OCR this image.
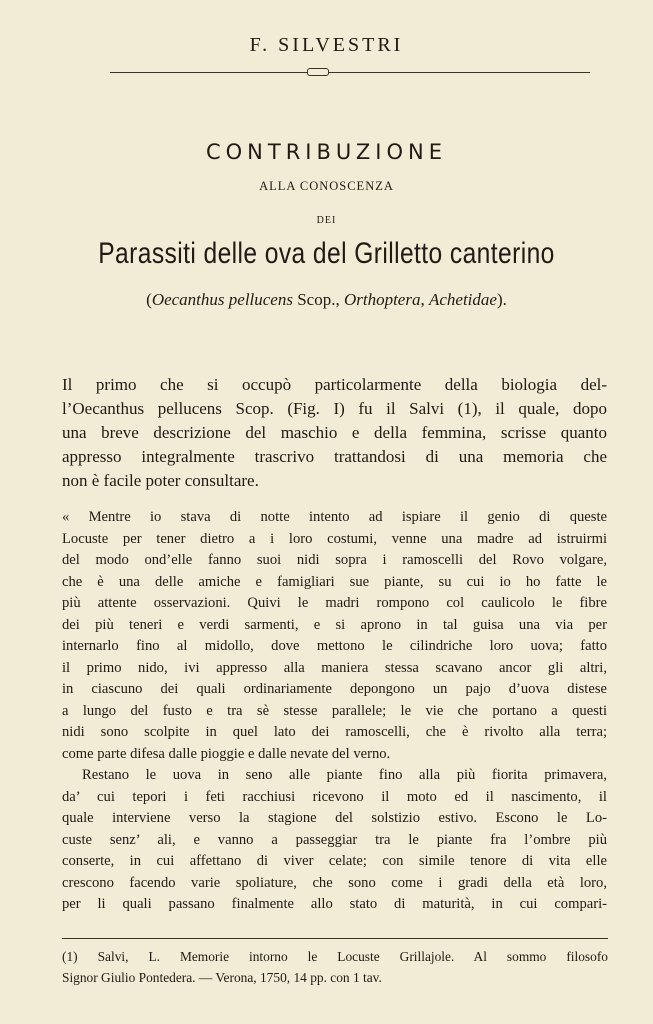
F. SILVESTRI
CONTRIBUZIONE
ALLA CONOSCENZA
DEI
Parassiti delle ova del Grilletto canterino
(Oecanthus pellucens Scop., Orthoptera, Achetidae).
Il primo che si occupò particolarmente della biologia del-
l’Oecanthus pellucens Scop. (Fig. I) fu il Salvi (1), il quale, dopo
una breve descrizione del maschio e della femmina, scrisse quanto
appresso integralmente trascrivo trattandosi di una memoria che
non è facile poter consultare.
« Mentre io stava di notte intento ad ispiare il genio di queste
Locuste per tener dietro a i loro costumi, venne una madre ad istruirmi
del modo ond’elle fanno suoi nidi sopra i ramoscelli del Rovo volgare,
che è una delle amiche e famigliari sue piante, su cui io ho fatte le
più attente osservazioni. Quivi le madri rompono col caulicolo le fibre
dei più teneri e verdi sarmenti, e si aprono in tal guisa una via per
internarlo fino al midollo, dove mettono le cilindriche loro uova; fatto
il primo nido, ivi appresso alla maniera stessa scavano ancor gli altri,
in ciascuno dei quali ordinariamente depongono un pajo d’uova distese
a lungo del fusto e tra sè stesse parallele; le vie che portano a questi
nidi sono scolpite in quel lato dei ramoscelli, che è rivolto alla terra;
come parte difesa dalle pioggie e dalle nevate del verno.
Restano le uova in seno alle piante fino alla più fiorita primavera,
da’ cui tepori i feti racchiusi ricevono il moto ed il nascimento, il
quale interviene verso la stagione del solstizio estivo. Escono le Lo-
custe senz’ ali, e vanno a passeggiar tra le piante fra l’ombre più
conserte, in cui affettano di viver celate; con simile tenore di vita elle
crescono facendo varie spoliature, che sono come i gradi della età loro,
per li quali passano finalmente allo stato di maturità, in cui compari-
(1) Salvi, L. Memorie intorno le Locuste Grillajole. Al sommo filosofo
Signor Giulio Pontedera. — Verona, 1750, 14 pp. con 1 tav.
